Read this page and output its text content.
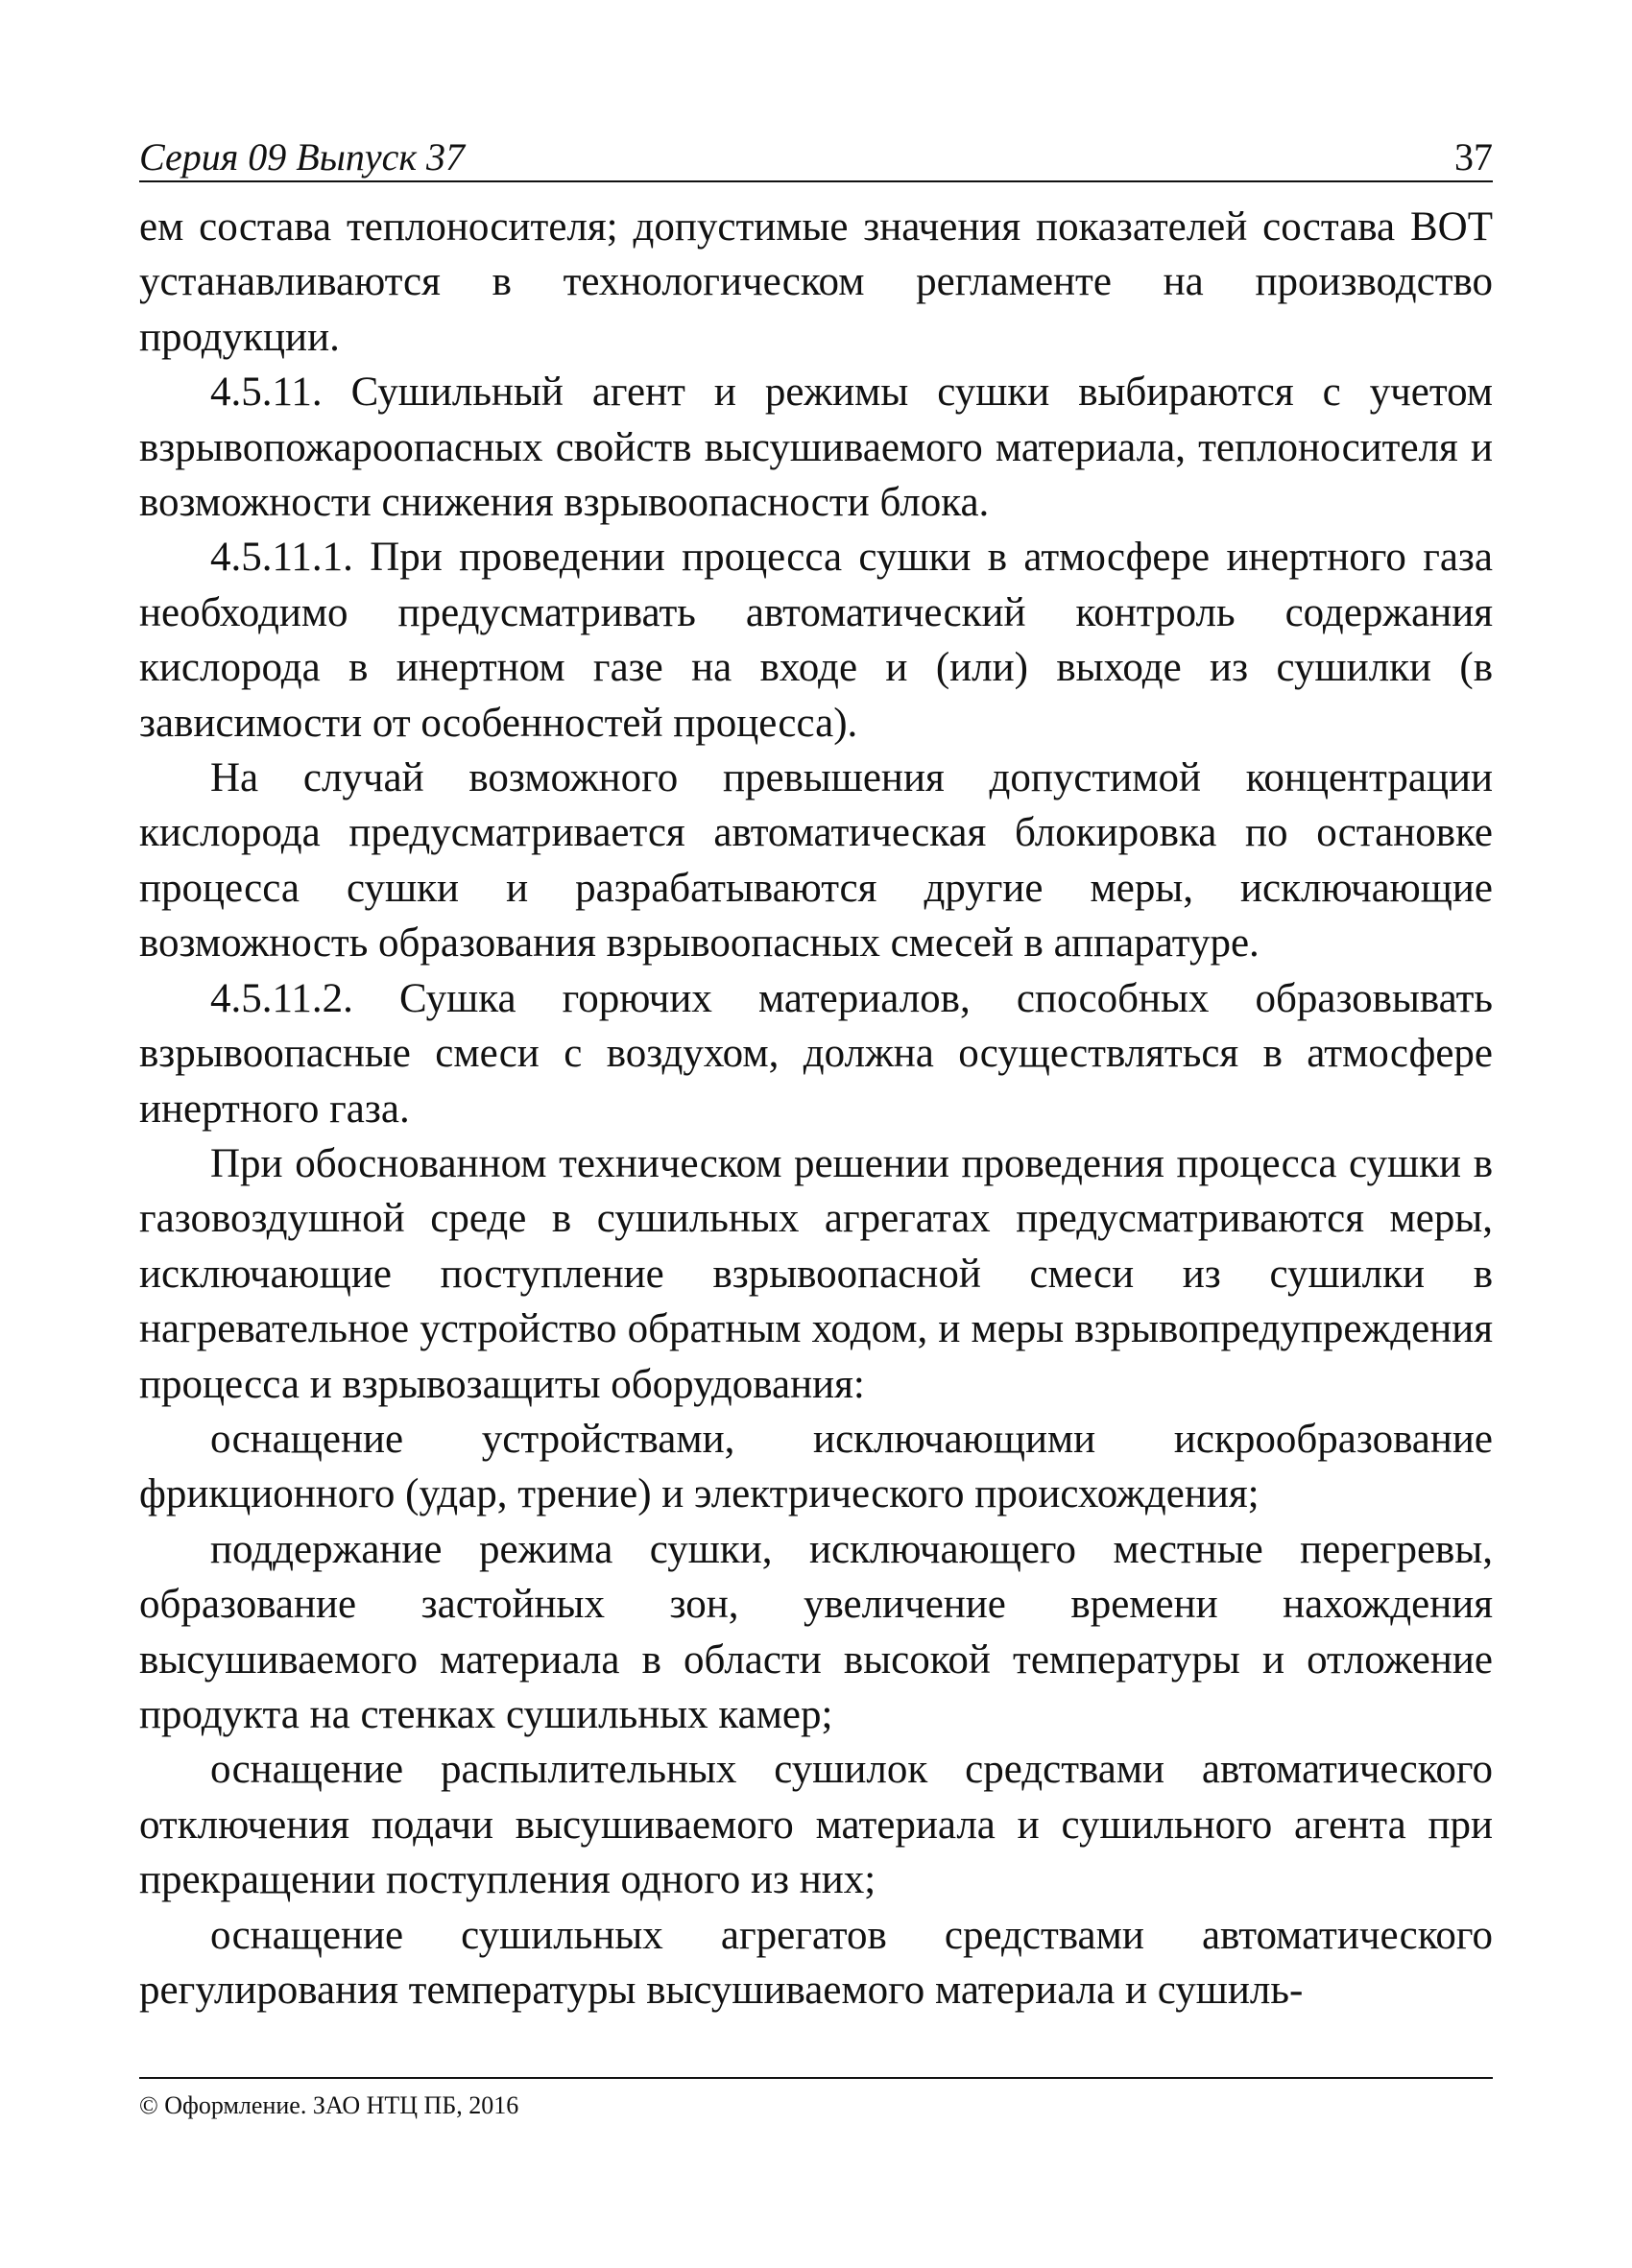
Серия 09 Выпуск 37	37

ем состава теплоносителя; допустимые значения показателей состава ВОТ устанавливаются в технологическом регламенте на производство продукции.

4.5.11. Сушильный агент и режимы сушки выбираются с учетом взрывопожароопасных свойств высушиваемого материала, теплоносителя и возможности снижения взрывоопасности блока.

4.5.11.1. При проведении процесса сушки в атмосфере инертного газа необходимо предусматривать автоматический контроль содержания кислорода в инертном газе на входе и (или) выходе из сушилки (в зависимости от особенностей процесса).

На случай возможного превышения допустимой концентрации кислорода предусматривается автоматическая блокировка по остановке процесса сушки и разрабатываются другие меры, исключающие возможность образования взрывоопасных смесей в аппаратуре.

4.5.11.2. Сушка горючих материалов, способных образовывать взрывоопасные смеси с воздухом, должна осуществляться в атмосфере инертного газа.

При обоснованном техническом решении проведения процесса сушки в газовоздушной среде в сушильных агрегатах предусматриваются меры, исключающие поступление взрывоопасной смеси из сушилки в нагревательное устройство обратным ходом, и меры взрывопредупреждения процесса и взрывозащиты оборудования:

оснащение устройствами, исключающими искрообразование фрикционного (удар, трение) и электрического происхождения;

поддержание режима сушки, исключающего местные перегревы, образование застойных зон, увеличение времени нахождения высушиваемого материала в области высокой температуры и отложение продукта на стенках сушильных камер;

оснащение распылительных сушилок средствами автоматического отключения подачи высушиваемого материала и сушильного агента при прекращении поступления одного из них;

оснащение сушильных агрегатов средствами автоматического регулирования температуры высушиваемого материала и сушиль-

© Оформление. ЗАО НТЦ ПБ, 2016
